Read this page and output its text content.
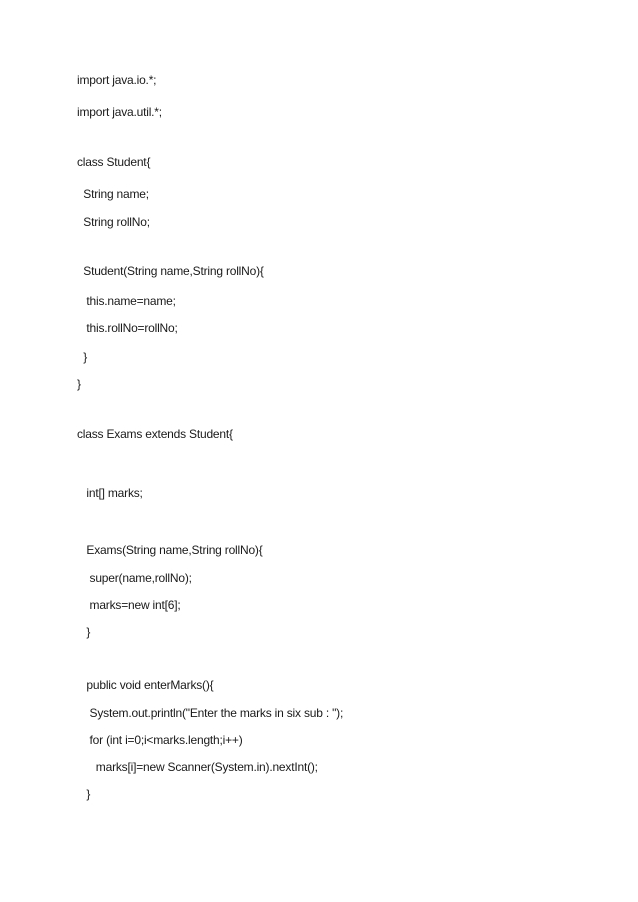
import java.io.*;
import java.util.*;
class Student{
String name;
String rollNo;
Student(String name,String rollNo){
this.name=name;
this.rollNo=rollNo;
}
}
class Exams extends Student{
int[] marks;
Exams(String name,String rollNo){
super(name,rollNo);
marks=new int[6];
}
public void enterMarks(){
System.out.println("Enter the marks in six sub : ");
for (int i=0;i<marks.length;i++)
marks[i]=new Scanner(System.in).nextInt();
}
